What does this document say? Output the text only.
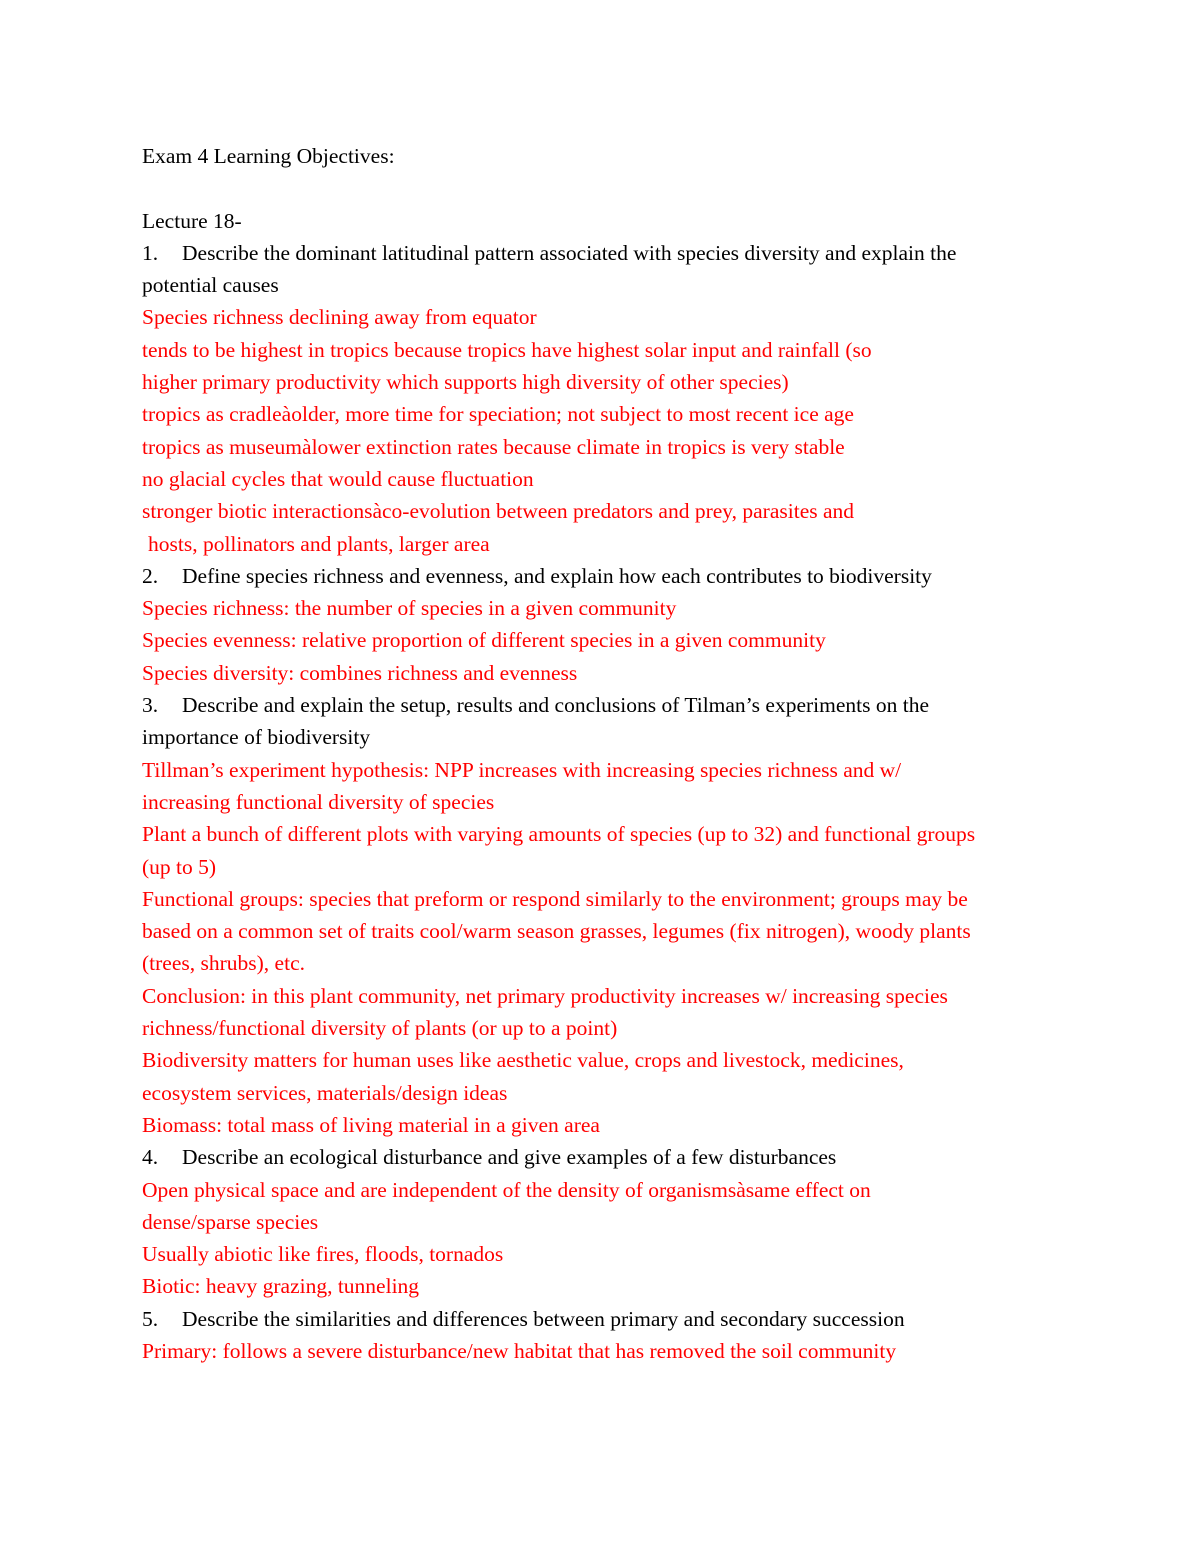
Exam 4 Learning Objectives:
Lecture 18-
1. Describe the dominant latitudinal pattern associated with species diversity and explain the
potential causes
Species richness declining away from equator
tends to be highest in tropics because tropics have highest solar input and rainfall (so
higher primary productivity which supports high diversity of other species)
tropics as cradleàolder, more time for speciation; not subject to most recent ice age
tropics as museumàlower extinction rates because climate in tropics is very stable
no glacial cycles that would cause fluctuation
stronger biotic interactionsàco-evolution between predators and prey, parasites and
hosts, pollinators and plants, larger area
2. Define species richness and evenness, and explain how each contributes to biodiversity
Species richness: the number of species in a given community
Species evenness: relative proportion of different species in a given community
Species diversity: combines richness and evenness
3. Describe and explain the setup, results and conclusions of Tilman’s experiments on the
importance of biodiversity
Tillman’s experiment hypothesis: NPP increases with increasing species richness and w/
increasing functional diversity of species
Plant a bunch of different plots with varying amounts of species (up to 32) and functional groups
(up to 5)
Functional groups: species that preform or respond similarly to the environment; groups may be
based on a common set of traits cool/warm season grasses, legumes (fix nitrogen), woody plants
(trees, shrubs), etc.
Conclusion: in this plant community, net primary productivity increases w/ increasing species
richness/functional diversity of plants (or up to a point)
Biodiversity matters for human uses like aesthetic value, crops and livestock, medicines,
ecosystem services, materials/design ideas
Biomass: total mass of living material in a given area
4. Describe an ecological disturbance and give examples of a few disturbances
Open physical space and are independent of the density of organismsàsame effect on
dense/sparse species
Usually abiotic like fires, floods, tornados
Biotic: heavy grazing, tunneling
5. Describe the similarities and differences between primary and secondary succession
Primary: follows a severe disturbance/new habitat that has removed the soil community
